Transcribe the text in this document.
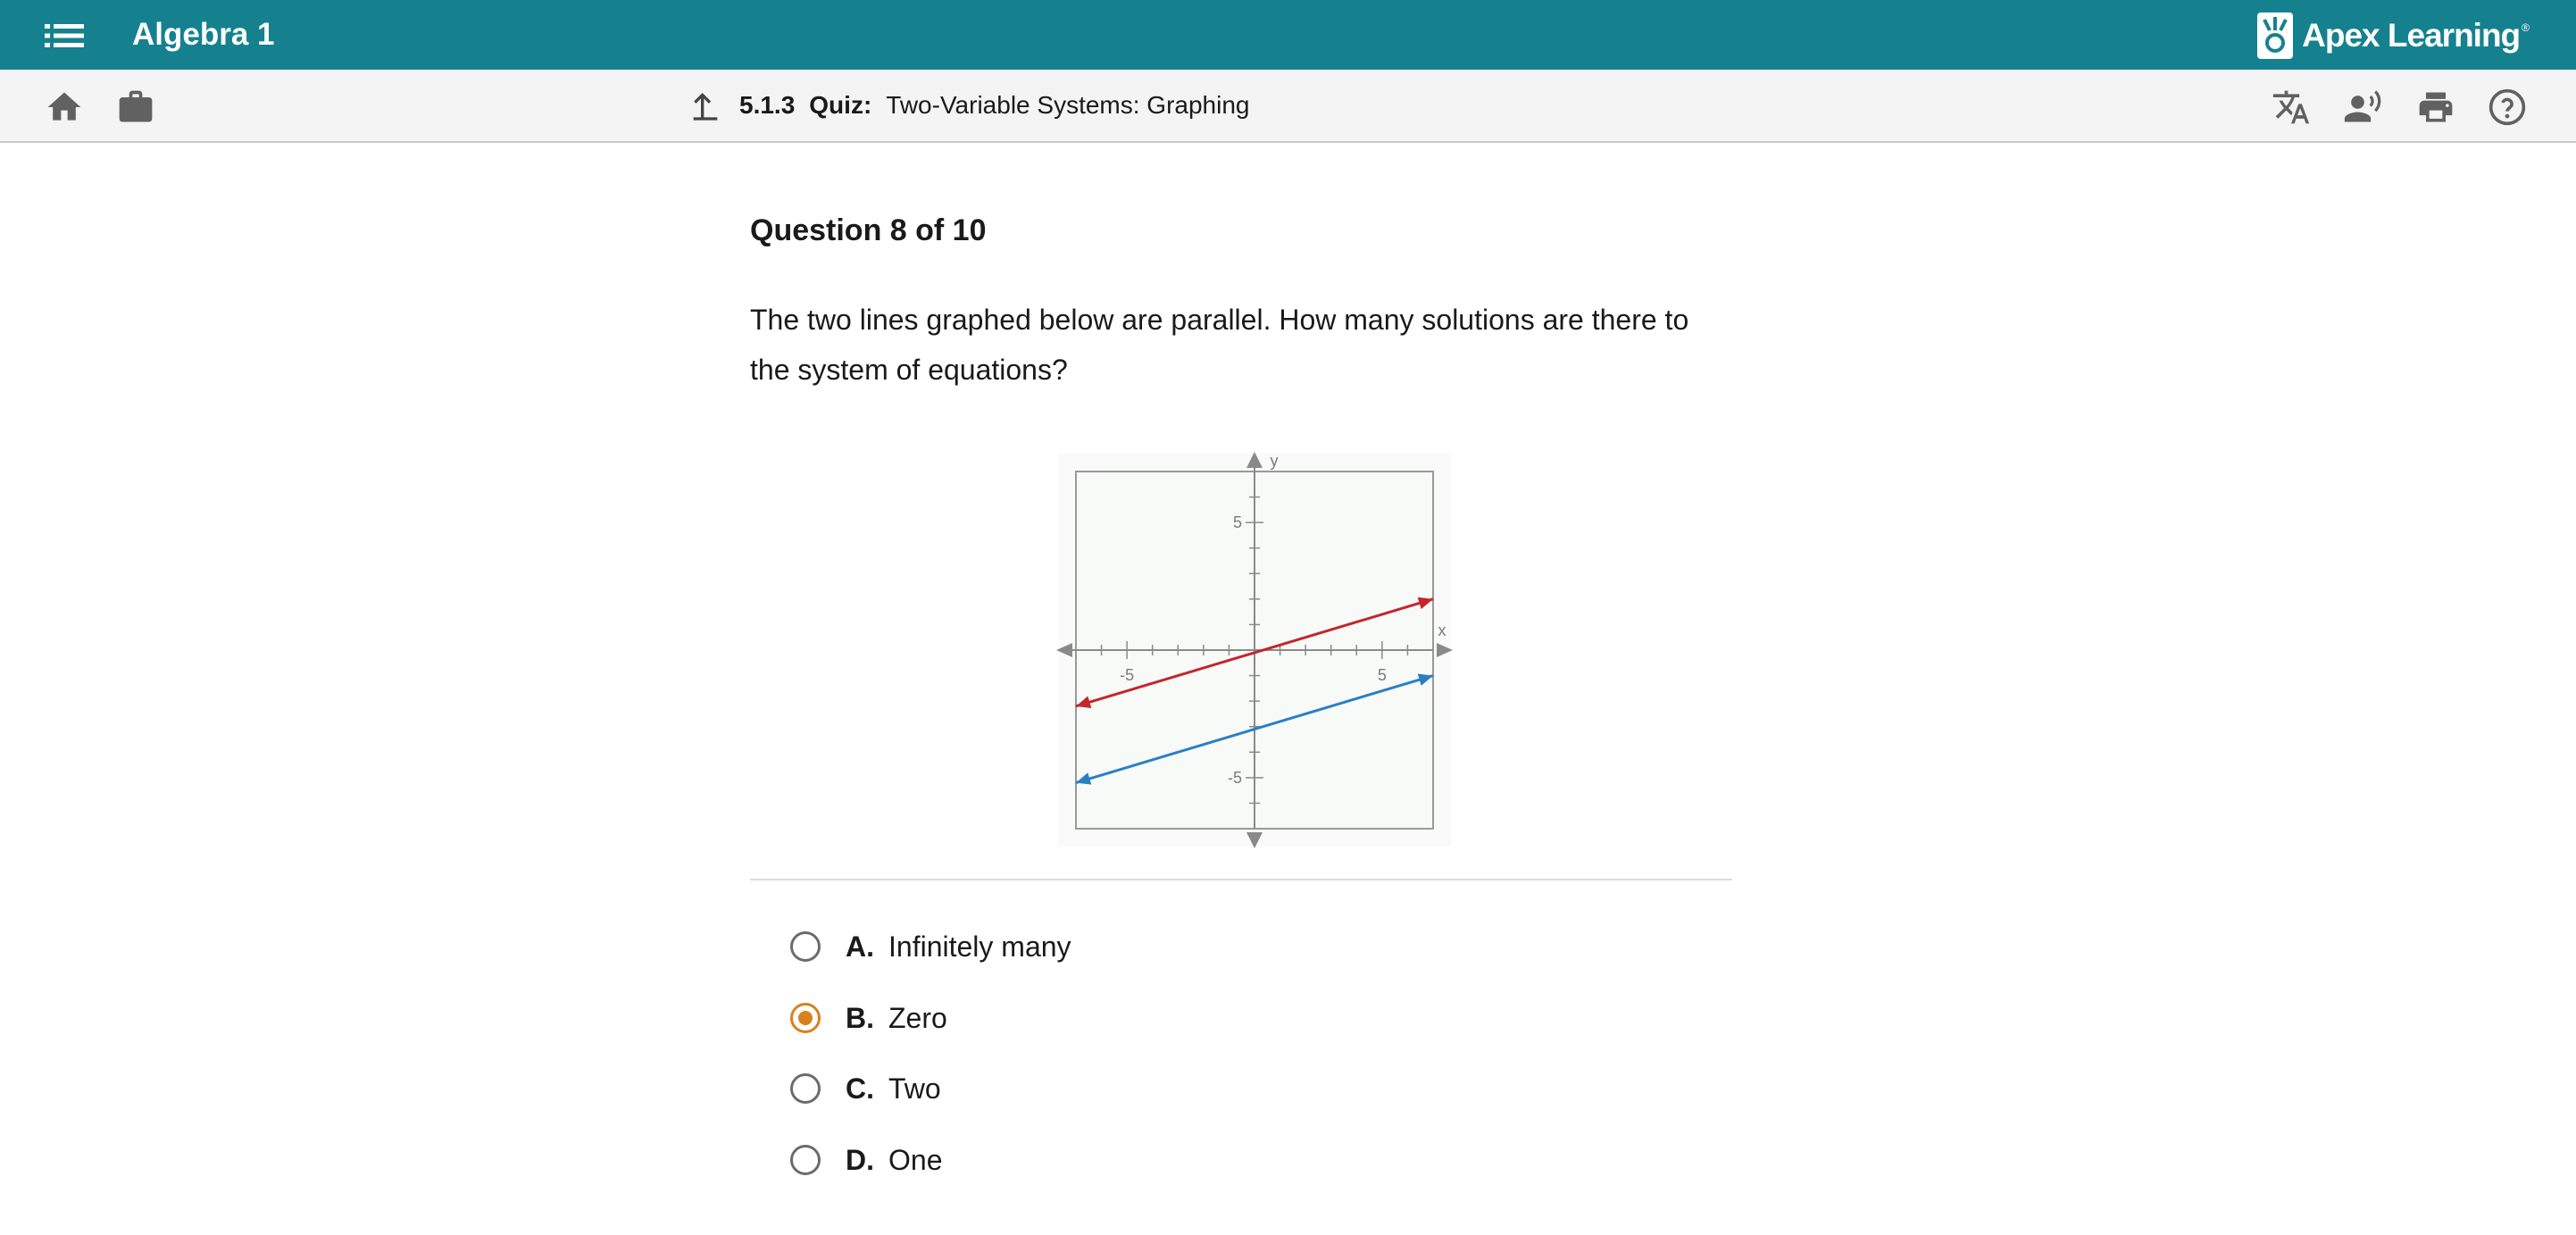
Algebra 1	Apex Learning ®
5.1.3 Quiz: Two-Variable Systems: Graphing
Question 8 of 10
The two lines graphed below are parallel. How many solutions are there to the system of equations?
-5	5
5
-5
x
y
A. Infinitely many
B. Zero
C. Two
D. One
